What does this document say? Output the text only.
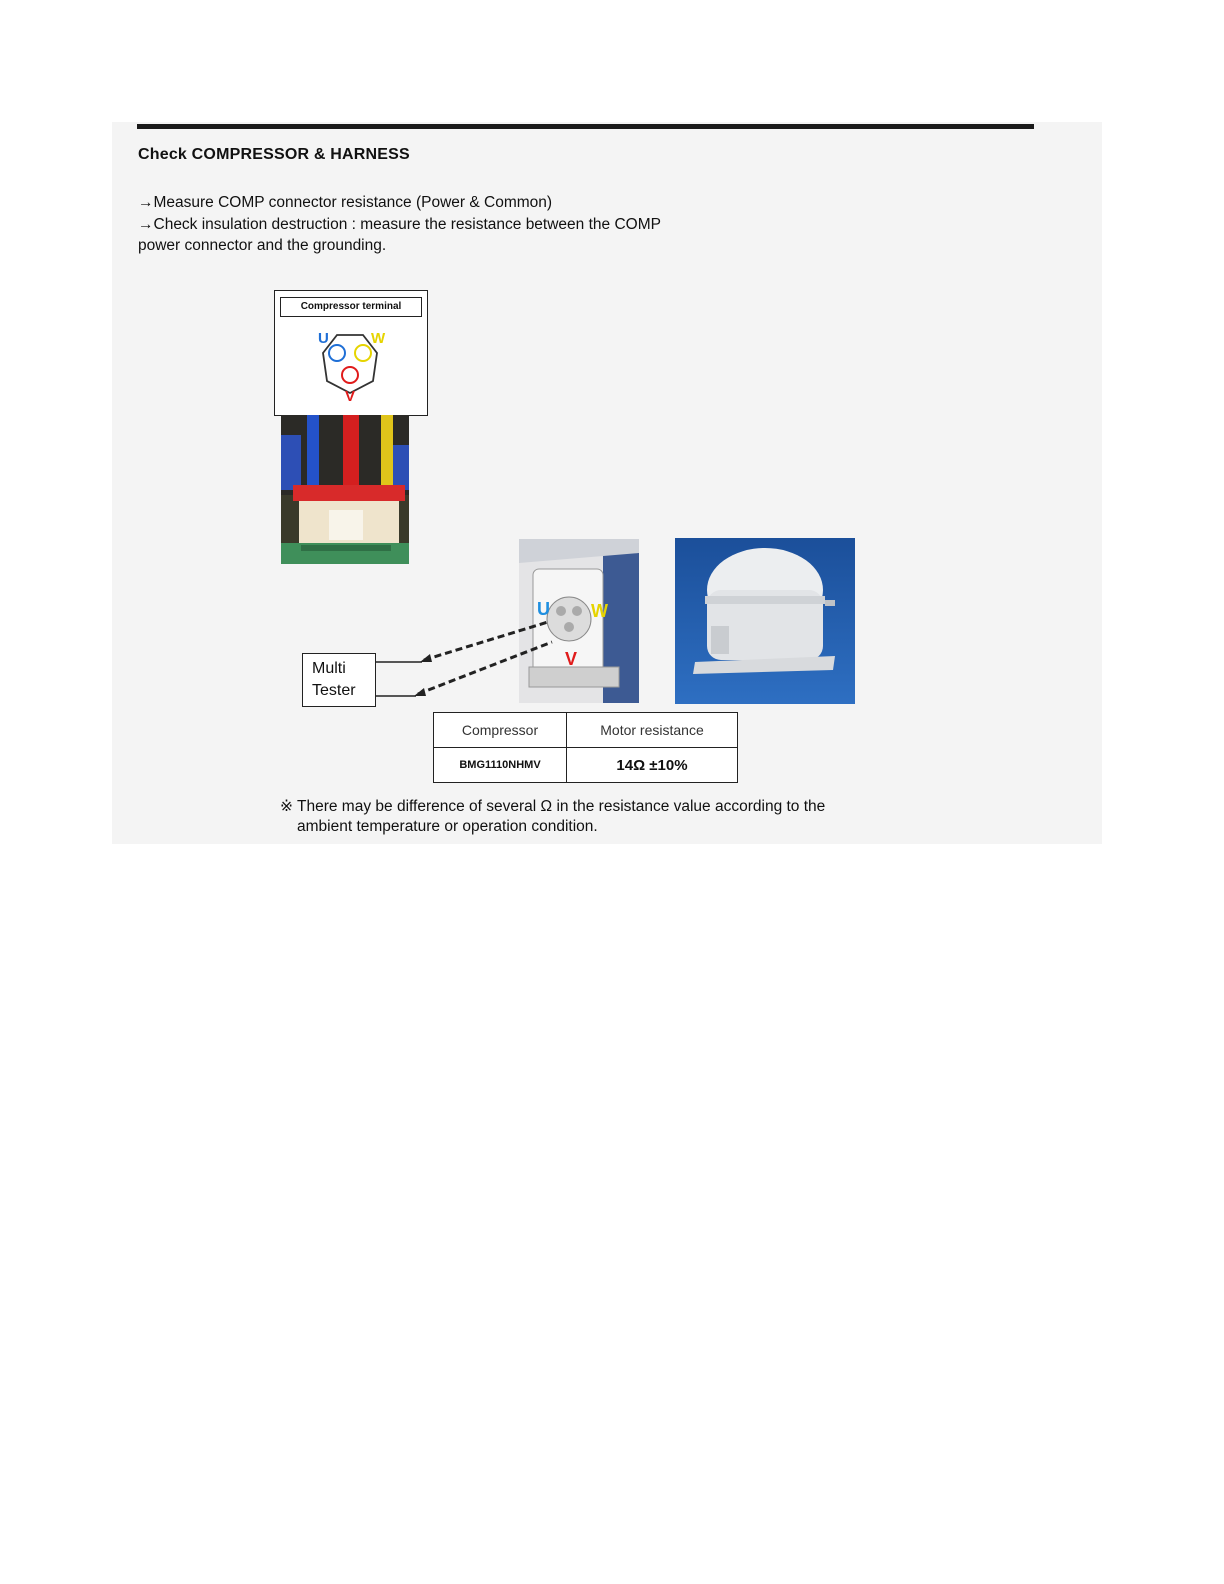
Check COMPRESSOR & HARNESS
→Measure COMP connector resistance (Power & Common)
→Check insulation destruction : measure the resistance between the COMP
power connector and the grounding.
Compressor terminal
U	W
V
U W
V
Multi
Tester
Compressor	Motor resistance
BMG1110NHMV	14Ω ±10%
※ There may be difference of several Ω in the resistance value according to the
ambient temperature or operation condition.
